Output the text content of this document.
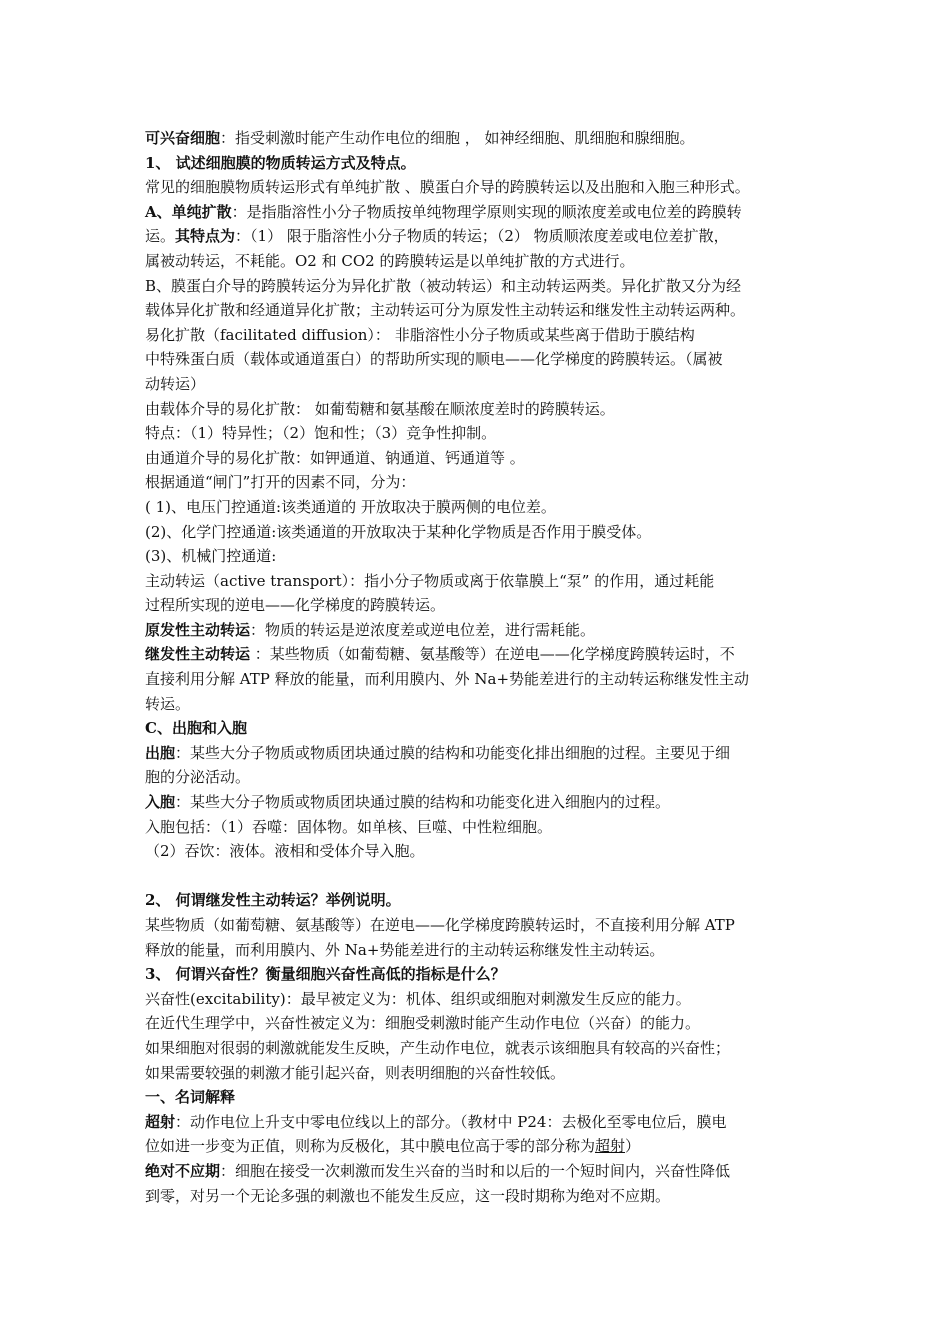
可兴奋细胞：指受刺激时能产生动作电位的细胞 ， 如神经细胞、肌细胞和腺细胞。

1、 试述细胞膜的物质转运方式及特点。

常见的细胞膜物质转运形式有单纯扩散 、膜蛋白介导的跨膜转运以及出胞和入胞三种形式。

A、单纯扩散：是指脂溶性小分子物质按单纯物理学原则实现的顺浓度差或电位差的跨膜转

运。其特点为：（1） 限于脂溶性小分子物质的转运；（2） 物质顺浓度差或电位差扩散，

属被动转运，不耗能。O2 和 CO2 的跨膜转运是以单纯扩散的方式进行。

B、膜蛋白介导的跨膜转运分为异化扩散（被动转运）和主动转运两类。异化扩散又分为经

载体异化扩散和经通道异化扩散；主动转运可分为原发性主动转运和继发性主动转运两种。

易化扩散（facilitated diffusion）： 非脂溶性小分子物质或某些离于借助于膜结构

中特殊蛋白质（载体或通道蛋白）的帮助所实现的顺电——化学梯度的跨膜转运。（属被

动转运）

由载体介导的易化扩散： 如葡萄糖和氨基酸在顺浓度差时的跨膜转运。

特点：（1）特异性；（2）饱和性；（3）竞争性抑制。

由通道介导的易化扩散：如钾通道、钠通道、钙通道等 。

根据通道“闸门”打开的因素不同，分为：

( 1)、电压门控通道:该类通道的 开放取决于膜两侧的电位差。

(2)、化学门控通道:该类通道的开放取决于某种化学物质是否作用于膜受体。

(3)、机械门控通道:

主动转运（active transport）：指小分子物质或离于依靠膜上“泵” 的作用，通过耗能

过程所实现的逆电——化学梯度的跨膜转运。

原发性主动转运：物质的转运是逆浓度差或逆电位差，进行需耗能。

继发性主动转运 ：某些物质（如葡萄糖、氨基酸等）在逆电——化学梯度跨膜转运时，不

直接利用分解 ATP 释放的能量，而利用膜内、外 Na+势能差进行的主动转运称继发性主动

转运。

C、出胞和入胞

出胞：某些大分子物质或物质团块通过膜的结构和功能变化排出细胞的过程。主要见于细

胞的分泌活动。

入胞：某些大分子物质或物质团块通过膜的结构和功能变化进入细胞内的过程。

入胞包括：（1）吞噬：固体物。如单核、巨噬、中性粒细胞。

（2）吞饮：液体。液相和受体介导入胞。

2、 何谓继发性主动转运？举例说明。

某些物质（如葡萄糖、氨基酸等）在逆电——化学梯度跨膜转运时，不直接利用分解 ATP

释放的能量，而利用膜内、外 Na+势能差进行的主动转运称继发性主动转运。

3、 何谓兴奋性？衡量细胞兴奋性高低的指标是什么？

兴奋性(excitability)：最早被定义为：机体、组织或细胞对刺激发生反应的能力。

在近代生理学中，兴奋性被定义为：细胞受刺激时能产生动作电位（兴奋）的能力。

如果细胞对很弱的刺激就能发生反映，产生动作电位，就表示该细胞具有较高的兴奋性；

如果需要较强的刺激才能引起兴奋，则表明细胞的兴奋性较低。

一、名词解释

超射：动作电位上升支中零电位线以上的部分。（教材中 P24：去极化至零电位后，膜电

位如进一步变为正值，则称为反极化，其中膜电位高于零的部分称为超射）

绝对不应期：细胞在接受一次刺激而发生兴奋的当时和以后的一个短时间内，兴奋性降低

到零，对另一个无论多强的刺激也不能发生反应，这一段时期称为绝对不应期。
